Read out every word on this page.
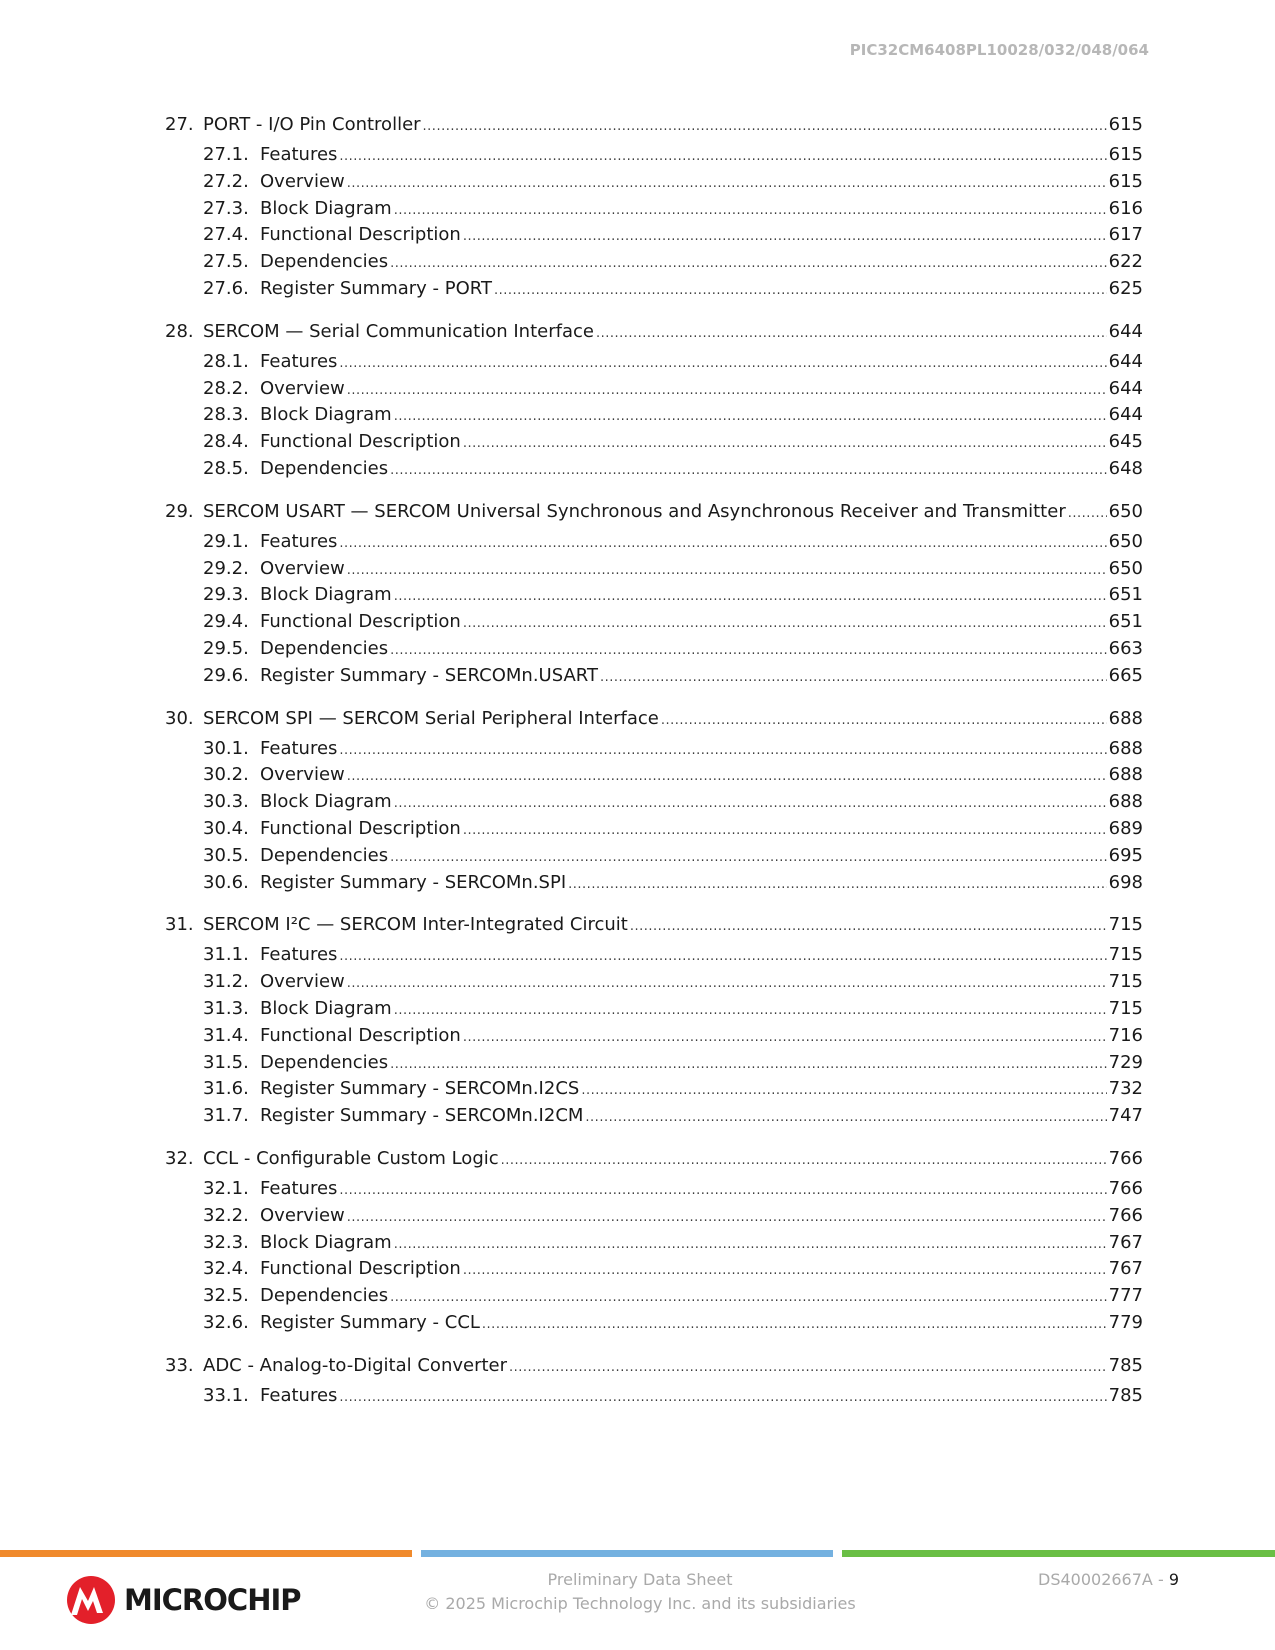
PIC32CM6408PL10028/032/048/064
27. PORT - I/O Pin Controller .....	615
27.1. Features .....	615
27.2. Overview .....	615
27.3. Block Diagram .....	616
27.4. Functional Description .....	617
27.5. Dependencies .....	622
27.6. Register Summary - PORT .....	625
28. SERCOM — Serial Communication Interface .....	644
28.1. Features .....	644
28.2. Overview .....	644
28.3. Block Diagram .....	644
28.4. Functional Description .....	645
28.5. Dependencies .....	648
29. SERCOM USART — SERCOM Universal Synchronous and Asynchronous Receiver and Transmitter ..... 650
29.1. Features .....	650
29.2. Overview .....	650
29.3. Block Diagram .....	651
29.4. Functional Description .....	651
29.5. Dependencies .....	663
29.6. Register Summary - SERCOMn.USART .....	665
30. SERCOM SPI — SERCOM Serial Peripheral Interface .....	688
30.1. Features .....	688
30.2. Overview .....	688
30.3. Block Diagram .....	688
30.4. Functional Description .....	689
30.5. Dependencies .....	695
30.6. Register Summary - SERCOMn.SPI .....	698
31. SERCOM I²C — SERCOM Inter-Integrated Circuit .....	715
31.1. Features .....	715
31.2. Overview .....	715
31.3. Block Diagram .....	715
31.4. Functional Description .....	716
31.5. Dependencies .....	729
31.6. Register Summary - SERCOMn.I2CS .....	732
31.7. Register Summary - SERCOMn.I2CM .....	747
32. CCL - Configurable Custom Logic .....	766
32.1. Features .....	766
32.2. Overview .....	766
32.3. Block Diagram .....	767
32.4. Functional Description .....	767
32.5. Dependencies .....	777
32.6. Register Summary - CCL .....	779
33. ADC - Analog-to-Digital Converter .....	785
33.1. Features .....	785
MICROCHIP
Preliminary Data Sheet
© 2025 Microchip Technology Inc. and its subsidiaries
DS40002667A - 9
